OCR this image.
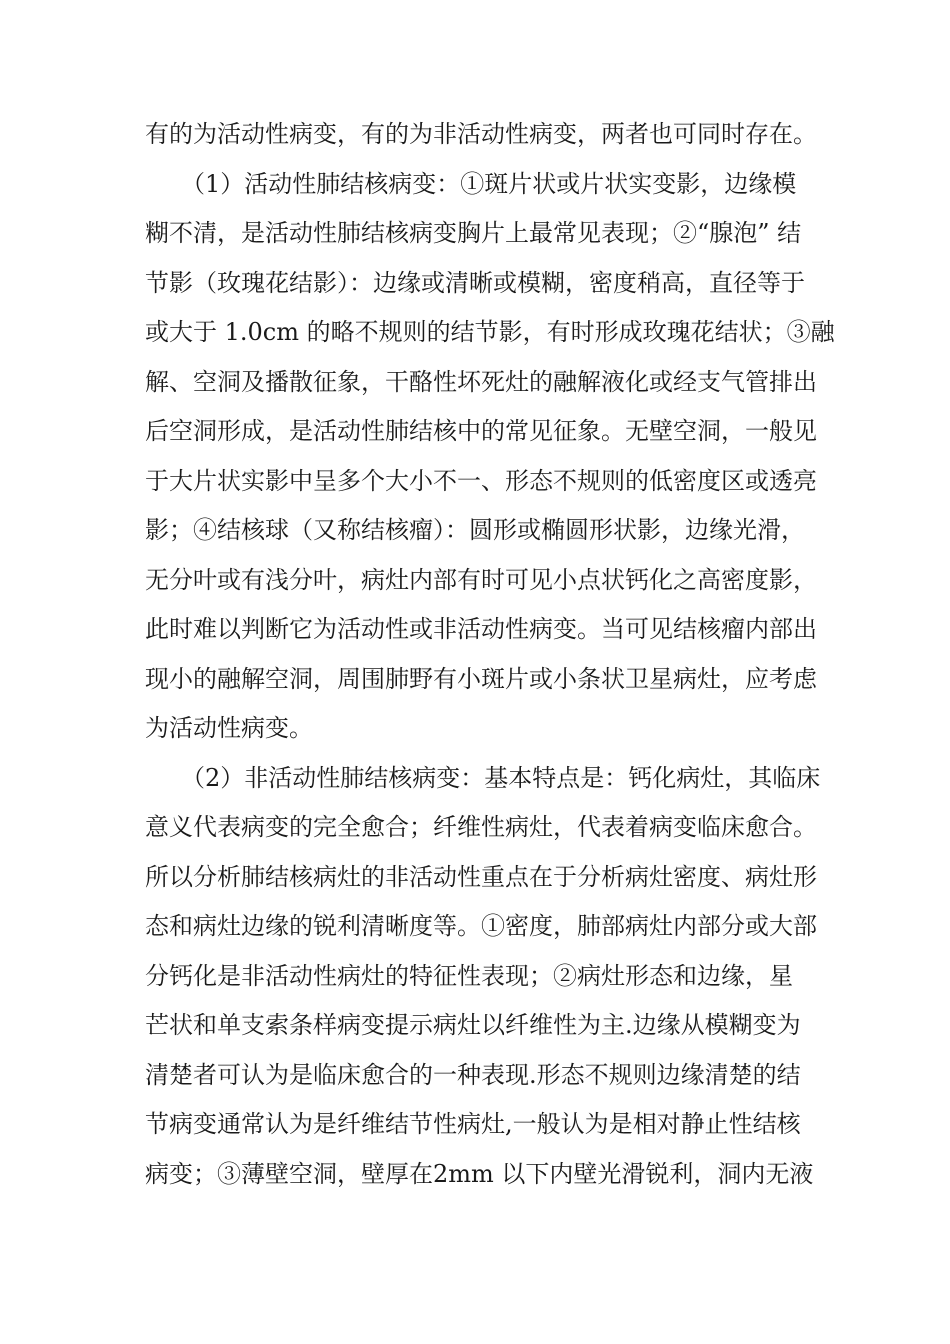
有的为活动性病变，有的为非活动性病变，两者也可同时存在。
　（1）活动性肺结核病变：①斑片状或片状实变影，边缘模
糊不清，是活动性肺结核病变胸片上最常见表现；②“腺泡” 结
节影（玫瑰花结影）：边缘或清晰或模糊，密度稍高，直径等于
或大于 1.0cm 的略不规则的结节影，有时形成玫瑰花结状；③融
解、空洞及播散征象，干酪性坏死灶的融解液化或经支气管排出
后空洞形成，是活动性肺结核中的常见征象。无壁空洞，一般见
于大片状实影中呈多个大小不一、形态不规则的低密度区或透亮
影；④结核球（又称结核瘤）：圆形或椭圆形状影，边缘光滑，
无分叶或有浅分叶，病灶内部有时可见小点状钙化之高密度影，
此时难以判断它为活动性或非活动性病变。当可见结核瘤内部出
现小的融解空洞，周围肺野有小斑片或小条状卫星病灶，应考虑
为活动性病变。
（2）非活动性肺结核病变：基本特点是：钙化病灶，其临床
意义代表病变的完全愈合；纤维性病灶，代表着病变临床愈合。
所以分析肺结核病灶的非活动性重点在于分析病灶密度、病灶形
态和病灶边缘的锐利清晰度等。①密度，肺部病灶内部分或大部
分钙化是非活动性病灶的特征性表现；②病灶形态和边缘，星
芒状和单支索条样病变提示病灶以纤维性为主.边缘从模糊变为
清楚者可认为是临床愈合的一种表现.形态不规则边缘清楚的结
节病变通常认为是纤维结节性病灶,一般认为是相对静止性结核
病变；③薄壁空洞，壁厚在2mm 以下内壁光滑锐利，洞内无液
